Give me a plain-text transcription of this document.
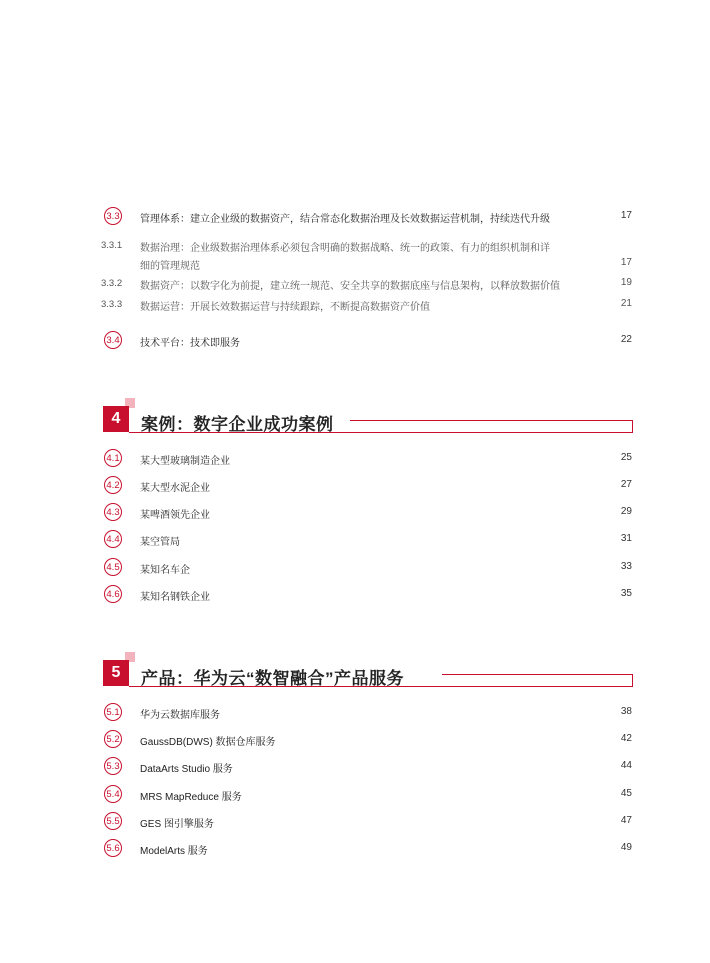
3.3 管理体系：建立企业级的数据资产，结合常态化数据治理及长效数据运营机制，持续迭代升级	17
3.3.1 数据治理：企业级数据治理体系必须包含明确的数据战略、统一的政策、有力的组织机制和详
细的管理规范	17
3.3.2 数据资产：以数字化为前提，建立统一规范、安全共享的数据底座与信息架构，以释放数据价值	19
3.3.3 数据运营：开展长效数据运营与持续跟踪，不断提高数据资产价值	21
3.4 技术平台：技术即服务	22
4	案例：数字企业成功案例
4.1 某大型玻璃制造企业	25
4.2 某大型水泥企业	27
4.3 某啤酒领先企业	29
4.4 某空管局	31
4.5 某知名车企	33
4.6 某知名钢铁企业	35
5	产品：华为云“数智融合”产品服务
5.1 华为云数据库服务	38
5.2 GaussDB(DWS) 数据仓库服务	42
5.3 DataArts Studio 服务	44
5.4 MRS MapReduce 服务	45
5.5 GES 图引擎服务	47
5.6 ModelArts 服务	49
